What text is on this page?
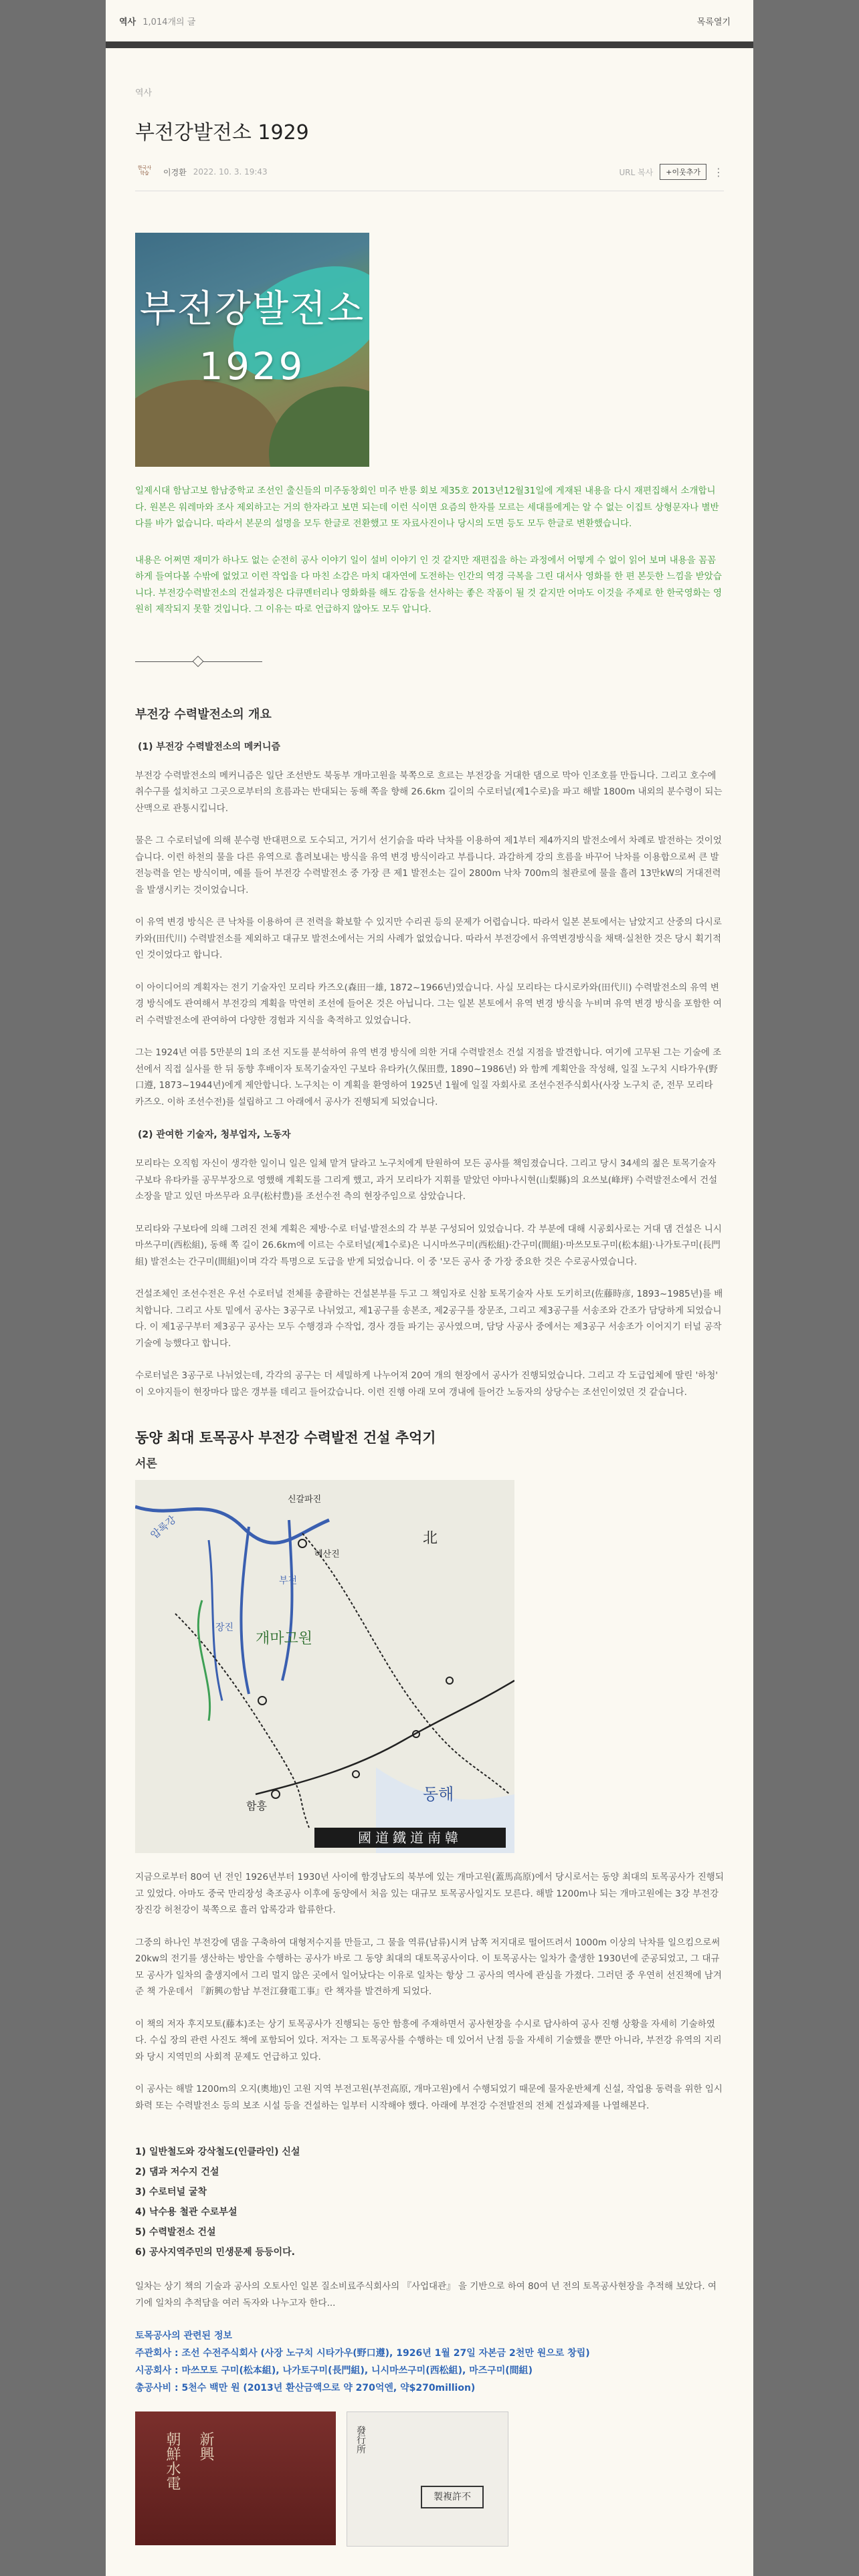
역사 1,014개의 글	목록열기
역사
부전강발전소 1929
한국사 학습	이경환 2022. 10. 3. 19:43	URL 복사	+이웃추가	⋮
부전강발전소
1929

일제시대 함남고보 함남중학교 조선인 출신들의 미주동창회인 미주 반룡 회보 제35호 2013년12월31일에 게재된 내용을 다시 재편집해서 소개합니다. 원본은 워레마와 조사 제외하고는 거의 한자라고 보면 되는데 이런 식이면 요즘의 한자를 모르는 세대를에게는 알 수 없는 이집트 상형문자나 별반 다를 바가 없습니다. 따라서 본문의 설명을 모두 한글로 전환했고 또 자료사진이나 당시의 도면 등도 모두 한글로 변환했습니다.

내용은 어쩌면 재미가 하나도 없는 순전히 공사 이야기 일이 설비 이야기 인 것 같지만 재편집을 하는 과정에서 어떻게 수 없이 읽어 보며 내용을 꼼꼼하게 들여다볼 수밖에 없었고 이런 작업을 다 마친 소감은 마치 대자연에 도전하는 인간의 역경 극복을 그린 대서사 영화를 한 편 본듯한 느낌을 받았습니다. 부전강수력발전소의 건설과정은 다큐멘터리나 영화화를 해도 감동을 선사하는 좋은 작품이 될 것 같지만 어마도 이것을 주제로 한 한국영화는 영원히 제작되지 못할 것입니다. 그 이유는 따로 언급하지 않아도 모두 압니다.

부전강 수력발전소의 개요
(1) 부전강 수력발전소의 메커니즘

부전강 수력발전소의 메커니즘은 일단 조선반도 북동부 개마고원을 북쪽으로 흐르는 부전강을 거대한 댐으로 막아 인조호를 만듭니다. 그리고 호수에 취수구를 설치하고 그곳으로부터의 흐름과는 반대되는 동해 쪽을 향해 26.6km 길이의 수로터널(제1수로)을 파고 해발 1800m 내외의 분수령이 되는 산맥으로 관통시킵니다.

물은 그 수로터널에 의해 분수령 반대편으로 도수되고, 거기서 선기슭을 따라 낙차를 이용하여 제1부터 제4까지의 발전소에서 차례로 발전하는 것이었습니다. 이런 하천의 물을 다른 유역으로 흘려보내는 방식을 유역 변경 방식이라고 부릅니다. 과감하게 강의 흐름을 바꾸어 낙차를 이용합으로써 큰 발전능력을 얻는 방식이며, 예를 들어 부전강 수력발전소 중 가장 큰 제1 발전소는 길이 2800m 낙차 700m의 철관로에 물을 흘려 13만kW의 거대전력을 발생시키는 것이었습니다.

이 유역 변경 방식은 큰 낙차를 이용하여 큰 전력을 확보할 수 있지만 수리권 등의 문제가 어렵습니다. 따라서 일본 본토에서는 남았지고 산중의 다시로카와(田代川) 수력발전소를 제외하고 대규모 발전소에서는 거의 사례가 없었습니다. 따라서 부전강에서 유역변경방식을 채택·실천한 것은 당시 획기적인 것이었다고 합니다.

이 아이디어의 계획자는 전기 기술자인 모리타 카즈오(森田一雄, 1872~1966년)였습니다. 사실 모리타는 다시로카와(田代川) 수력발전소의 유역 변경 방식에도 관여해서 부전강의 계획을 막연히 조선에 들어온 것은 아닙니다. 그는 일본 본토에서 유역 변경 방식을 누비며 유역 변경 방식을 포함한 여러 수력발전소에 관여하여 다양한 경험과 지식을 축적하고 있었습니다.

그는 1924년 여름 5만분의 1의 조선 지도를 분석하여 유역 변경 방식에 의한 거대 수력발전소 건설 지점을 발견합니다. 여기에 고무된 그는 기술에 조선에서 직접 실사를 한 뒤 동향 후배이자 토목기술자인 구보타 유타카(久保田豊, 1890~1986년) 와 함께 계획안을 작성해, 일질 노구치 시타가우(野口遵, 1873~1944년)에게 제안합니다. 노구치는 이 계획을 환영하여 1925년 1월에 일질 자회사로 조선수전주식회사(사장 노구치 준, 전무 모리타 카즈오. 이하 조선수전)를 설립하고 그 아래에서 공사가 진행되게 되었습니다.

(2) 관여한 기술자, 청부업자, 노동자

모리타는 오직힘 자신이 생각한 일이니 일은 일체 맡겨 달라고 노구치에게 탄원하여 모든 공사를 책임졌습니다. 그리고 당시 34세의 젊은 토목기술자 구보타 유타카를 공무부장으로 영했해 계획도를 그리게 했고, 과거 모리타가 지휘를 맡았던 야마나시현(山梨縣)의 요쓰보(峰坪) 수력발전소에서 건설소장을 맡고 있던 마쓰무라 요쿠(松村豊)를 조선수전 측의 현장주임으로 삼았습니다.

모리타와 구보타에 의해 그려진 전체 계획은 제방·수로 터널·발전소의 각 부분 구성되어 있었습니다. 각 부분에 대해 시공회사로는 거대 댐 건설은 니시마쓰구미(西松組), 동해 쪽 길이 26.6km에 이르는 수로터널(제1수로)은 니시마쓰구미(西松組)·간구미(間組)·마쓰모토구미(松本組)·나가토구미(長門組) 발전소는 간구미(間組)이며 각각 특명으로 도급을 받게 되었습니다. 이 중 '모든 공사 중 가장 중요한 것은 수로공사였습니다.

건설조체인 조선수전은 우선 수로터널 전체를 총괄하는 건설본부를 두고 그 책임자로 신참 토목기술자 사토 도키히코(佐藤時彦, 1893~1985년)를 배치합니다. 그리고 사토 밑에서 공사는 3공구로 나뉘었고, 제1공구를 송본조, 제2공구를 장문조, 그리고 제3공구를 서송조와 간조가 담당하게 되었습니다. 이 제1공구부터 제3공구 공사는 모두 수행경과 수작업, 경사 경들 파기는 공사였으며, 담당 사공사 중에서는 제3공구 서송조가 이어지기 터널 공작기술에 능했다고 합니다.

수로터널은 3공구로 나뉘었는데, 각각의 공구는 더 세밀하게 나누어져 20여 개의 현장에서 공사가 진행되었습니다. 그리고 각 도급업체에 딸린 '하청' 이 오야지들이 현장마다 많은 갱부를 데리고 들어갔습니다. 이런 진행 아래 모여 갱내에 들어간 노동자의 상당수는 조선인이었던 것 같습니다.

동양 최대 토목공사 부전강 수력발전 건설 추억기
서론
신갈파진
혜산진
北
개마고원
부전
장진
함흥
동해
압록강
國道鐵道南韓

지금으로부터 80여 년 전인 1926년부터 1930년 사이에 함경남도의 북부에 있는 개마고원(蓋馬高原)에서 당시로서는 동양 최대의 토목공사가 진행되고 있었다. 아마도 중국 만리장성 축조공사 이후에 동양에서 처음 있는 대규모 토목공사일지도 모른다. 해발 1200m나 되는 개마고원에는 3강 부전강 장진강 허천강이 북쪽으로 흘러 압록강과 합류한다.

그중의 하나인 부전강에 댐을 구축하여 대형저수지를 만들고, 그 물을 역류(남류)시켜 남쪽 저지대로 떨어뜨려서 1000m 이상의 낙차를 일으킴으로써 20kw의 전기를 생산하는 방안을 수행하는 공사가 바로 그 동양 최대의 대토목공사이다. 이 토목공사는 일차가 출생한 1930년에 준공되었고, 그 대규모 공사가 일차의 출생지에서 그리 멀지 않은 곳에서 일어났다는 이유로 일차는 항상 그 공사의 역사에 관심을 가졌다. 그러던 중 우연히 선진책에 남겨준 책 가운데서 『新興の함남 부전江發電工事』란 책자를 발견하게 되었다.

이 책의 저자 후지모토(藤本)조는 상기 토목공사가 진행되는 동안 함흥에 주재하면서 공사현장을 수시로 답사하여 공사 진행 상황을 자세히 기술하였다. 수십 장의 관련 사진도 책에 포함되어 있다. 저자는 그 토목공사를 수행하는 데 있어서 난점 등을 자세히 기술했을 뿐만 아니라, 부전강 유역의 지리와 당시 지역민의 사회적 문제도 언급하고 있다.

이 공사는 해발 1200m의 오지(奧地)인 고원 지역 부전고원(부전高原, 개마고원)에서 수행되었기 때문에 물자운반체계 신설, 작업용 동력을 위한 임시 화력 또는 수력발전소 등의 보조 시설 등을 건설하는 일부터 시작해야 했다. 아래에 부전강 수전발전의 전체 건설과제를 나열해본다.

1) 일반철도와 강삭철도(인클라인) 신설
2) 댐과 저수지 건설
3) 수로터널 굴착
4) 낙수용 철관 수로부설
5) 수력발전소 건설
6) 공사지역주민의 민생문제 등등이다.

일차는 상기 책의 기술과 공사의 오토사인 일본 질소비료주식회사의 『사업대관』 을 기반으로 하여 80여 년 전의 토목공사현장을 추적해 보았다. 여기에 일차의 추적담을 여러 독자와 나누고자 한다...

토목공사의 관련된 정보
주관회사 : 조선 수전주식회사 (사장 노구치 시타가우(野口遵), 1926년 1월 27일 자본금 2천만 원으로 창립)
시공회사 : 마쓰모토 구미(松本組), 나가토구미(長門組), 니시마쓰구미(西松組), 마즈구미(間組)
총공사비 : 5천수 백만 원 (2013년 환산금액으로 약 270억엔, 약$270million)
朝鮮水電 新興	發行所
製複許不
